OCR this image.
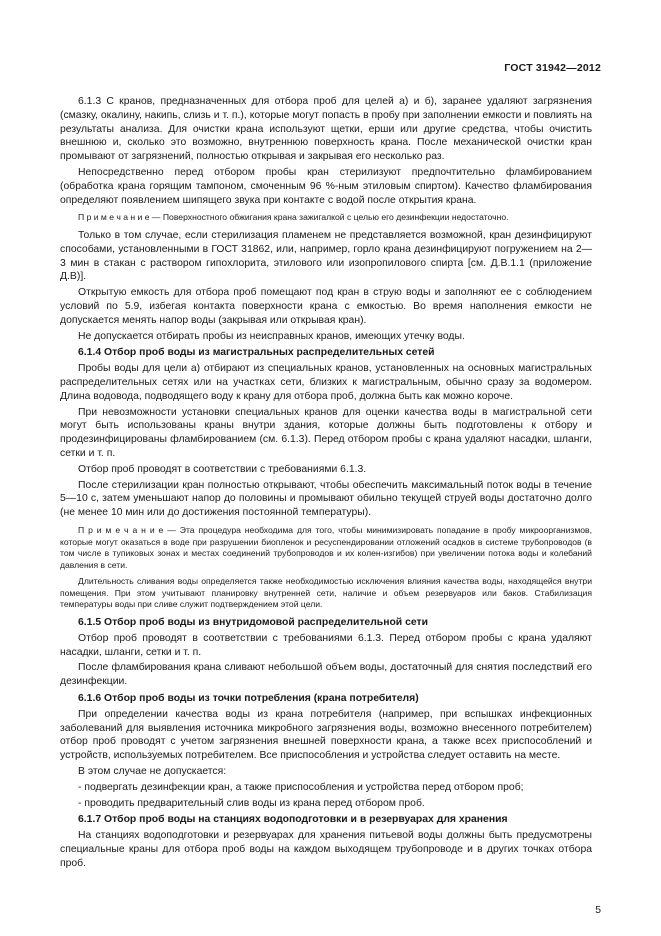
ГОСТ 31942—2012

6.1.3 С кранов, предназначенных для отбора проб для целей а) и б), заранее удаляют загрязнения (смазку, окалину, накипь, слизь и т. п.), которые могут попасть в пробу при заполнении емкости и повлиять на результаты анализа. Для очистки крана используют щетки, ерши или другие средства, чтобы очистить внешнюю и, сколько это возможно, внутреннюю поверхность крана. После механической очистки кран промывают от загрязнений, полностью открывая и закрывая его несколько раз.

Непосредственно перед отбором пробы кран стерилизуют предпочтительно фламбированием (обработка крана горящим тампоном, смоченным 96 %-ным этиловым спиртом). Качество фламбирования определяют появлением шипящего звука при контакте с водой после открытия крана.

П р и м е ч а н и е — Поверхностного обжигания крана зажигалкой с целью его дезинфекции недостаточно.

Только в том случае, если стерилизация пламенем не представляется возможной, кран дезинфицируют способами, установленными в ГОСТ 31862, или, например, горло крана дезинфицируют погружением на 2—3 мин в стакан с раствором гипохлорита, этилового или изопропилового спирта [см. Д.В.1.1 (приложение Д.В)].

Открытую емкость для отбора проб помещают под кран в струю воды и заполняют ее с соблюдением условий по 5.9, избегая контакта поверхности крана с емкостью. Во время наполнения емкости не допускается менять напор воды (закрывая или открывая кран).

Не допускается отбирать пробы из неисправных кранов, имеющих утечку воды.

6.1.4 Отбор проб воды из магистральных распределительных сетей

Пробы воды для цели а) отбирают из специальных кранов, установленных на основных магистральных распределительных сетях или на участках сети, близких к магистральным, обычно сразу за водомером. Длина водовода, подводящего воду к крану для отбора проб, должна быть как можно короче.

При невозможности установки специальных кранов для оценки качества воды в магистральной сети могут быть использованы краны внутри здания, которые должны быть подготовлены к отбору и продезинфицированы фламбированием (см. 6.1.3). Перед отбором пробы с крана удаляют насадки, шланги, сетки и т. п.

Отбор проб проводят в соответствии с требованиями 6.1.3.

После стерилизации кран полностью открывают, чтобы обеспечить максимальный поток воды в течение 5—10 с, затем уменьшают напор до половины и промывают обильно текущей струей воды достаточно долго (не менее 10 мин или до достижения постоянной температуры).

П р и м е ч а н и е — Эта процедура необходима для того, чтобы минимизировать попадание в пробу микроорганизмов, которые могут оказаться в воде при разрушении биопленок и ресуспендировании отложений осадков в системе трубопроводов (в том числе в тупиковых зонах и местах соединений трубопроводов и их колен-изгибов) при увеличении потока воды и колебаний давления в сети.

Длительность сливания воды определяется также необходимостью исключения влияния качества воды, находящейся внутри помещения. При этом учитывают планировку внутренней сети, наличие и объем резервуаров или баков. Стабилизация температуры воды при сливе служит подтверждением этой цели.

6.1.5 Отбор проб воды из внутридомовой распределительной сети

Отбор проб проводят в соответствии с требованиями 6.1.3. Перед отбором пробы с крана удаляют насадки, шланги, сетки и т. п.

После фламбирования крана сливают небольшой объем воды, достаточный для снятия последствий его дезинфекции.

6.1.6 Отбор проб воды из точки потребления (крана потребителя)

При определении качества воды из крана потребителя (например, при вспышках инфекционных заболеваний для выявления источника микробного загрязнения воды, возможно внесенного потребителем) отбор проб проводят с учетом загрязнения внешней поверхности крана, а также всех приспособлений и устройств, используемых потребителем. Все приспособления и устройства следует оставить на месте.

В этом случае не допускается:

- подвергать дезинфекции кран, а также приспособления и устройства перед отбором проб;

- проводить предварительный слив воды из крана перед отбором проб.

6.1.7 Отбор проб воды на станциях водоподготовки и в резервуарах для хранения

На станциях водоподготовки и резервуарах для хранения питьевой воды должны быть предусмотрены специальные краны для отбора проб воды на каждом выходящем трубопроводе и в других точках отбора проб.

5
